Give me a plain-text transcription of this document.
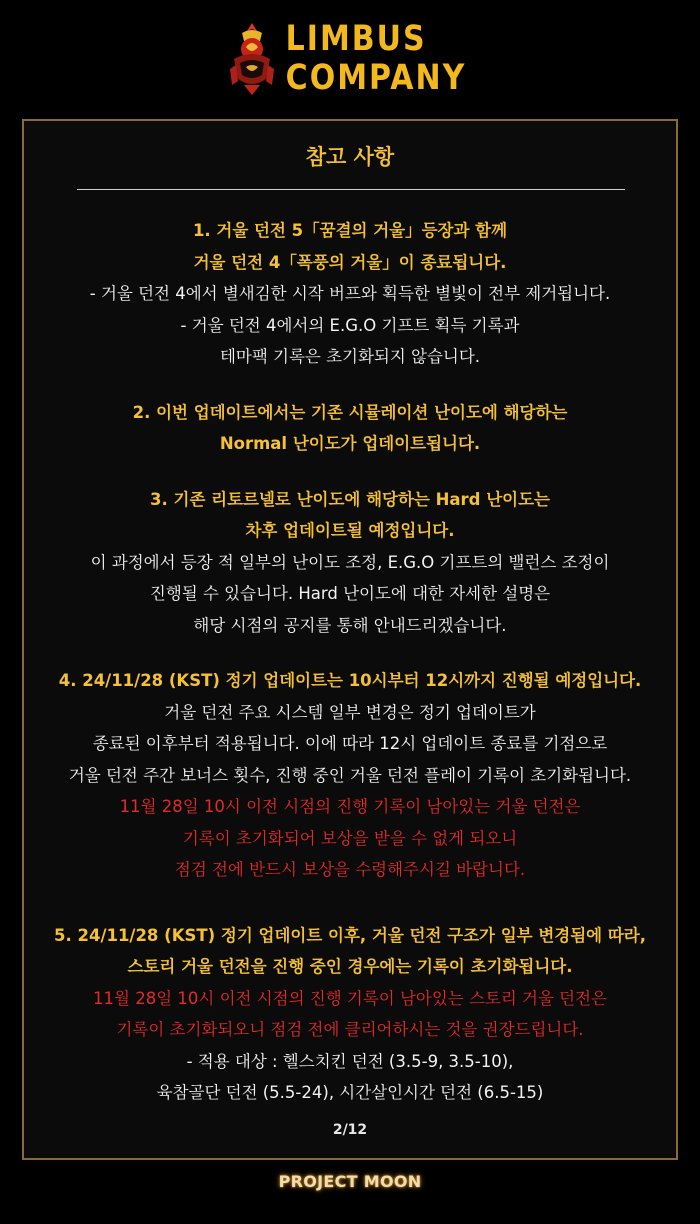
LIMBUS
COMPANY
참고 사항
1. 거울 던전 5「꿈결의 거울」등장과 함께
거울 던전 4「폭풍의 거울」이 종료됩니다.
- 거울 던전 4에서 별새김한 시작 버프와 획득한 별빛이 전부 제거됩니다.
- 거울 던전 4에서의 E.G.O 기프트 획득 기록과
테마팩 기록은 초기화되지 않습니다.
2. 이번 업데이트에서는 기존 시뮬레이션 난이도에 해당하는
Normal 난이도가 업데이트됩니다.
3. 기존 리토르넬로 난이도에 해당하는 Hard 난이도는
차후 업데이트될 예정입니다.
이 과정에서 등장 적 일부의 난이도 조정, E.G.O 기프트의 밸런스 조정이
진행될 수 있습니다. Hard 난이도에 대한 자세한 설명은
해당 시점의 공지를 통해 안내드리겠습니다.
4. 24/11/28 (KST) 정기 업데이트는 10시부터 12시까지 진행될 예정입니다.
거울 던전 주요 시스템 일부 변경은 정기 업데이트가
종료된 이후부터 적용됩니다. 이에 따라 12시 업데이트 종료를 기점으로
거울 던전 주간 보너스 횟수, 진행 중인 거울 던전 플레이 기록이 초기화됩니다.
11월 28일 10시 이전 시점의 진행 기록이 남아있는 거울 던전은
기록이 초기화되어 보상을 받을 수 없게 되오니
점검 전에 반드시 보상을 수령해주시길 바랍니다.
5. 24/11/28 (KST) 정기 업데이트 이후, 거울 던전 구조가 일부 변경됨에 따라,
스토리 거울 던전을 진행 중인 경우에는 기록이 초기화됩니다.
11월 28일 10시 이전 시점의 진행 기록이 남아있는 스토리 거울 던전은
기록이 초기화되오니 점검 전에 클리어하시는 것을 권장드립니다.
- 적용 대상 : 헬스치킨 던전 (3.5-9, 3.5-10),
육참골단 던전 (5.5-24), 시간살인시간 던전 (6.5-15)
2/12
PROJECT MOON
